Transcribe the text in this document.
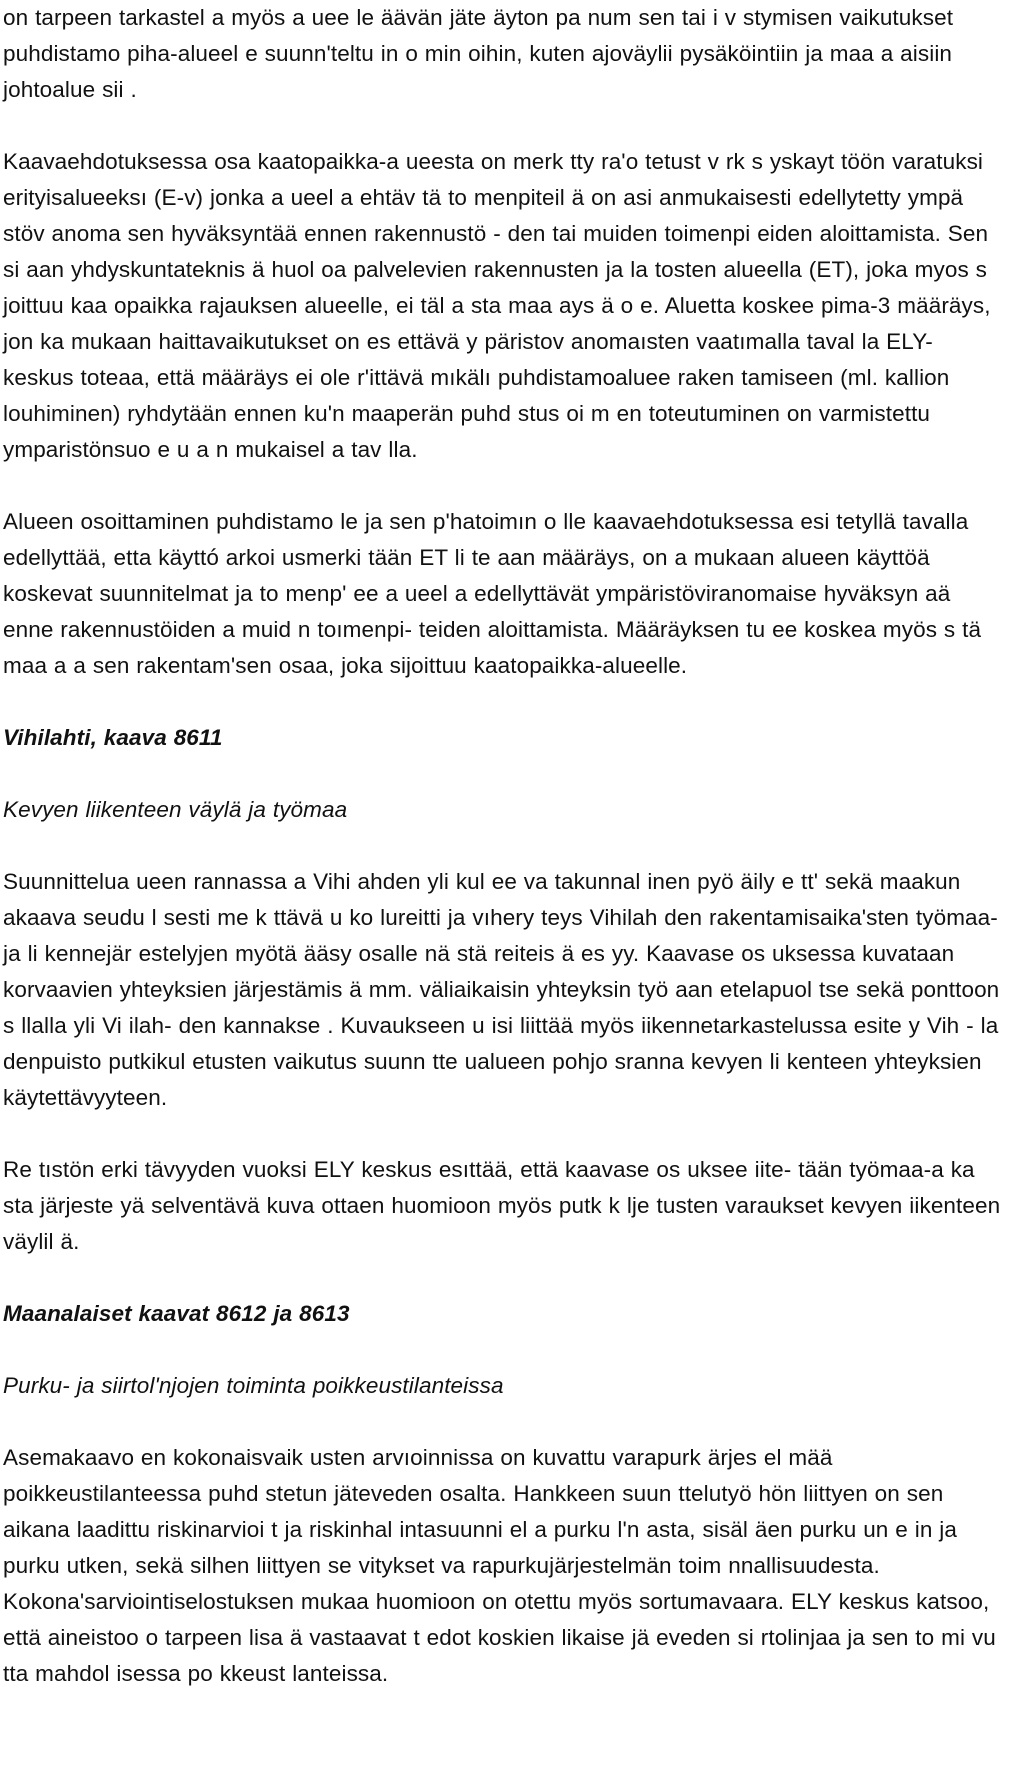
on tarpeen tarkastel a myös a uee le äävän jäte äyton pa num sen tai i v stymisen vaikutukset puhdistamo piha-alueel e suunn'teltu in o min oihin, kuten ajoväylii pysäköintiin ja maa a aisiin johtoalue sii .

Kaavaehdotuksessa osa kaatopaikka-a ueesta on merk tty ra'o tetust v rk s yskayt töön varatuksi erityisalueeksı (E-v) jonka a ueel a ehtäv tä to menpiteil ä on asi anmukaisesti edellytetty ympä stöv anoma sen hyväksyntää ennen rakennustö - den tai muiden toimenpi eiden aloittamista. Sen si aan yhdyskuntateknis ä huol oa palvelevien rakennusten ja la tosten alueella (ET), joka myos s joittuu kaa opaikka rajauksen alueelle, ei täl a sta maa ays ä o e. Aluetta koskee pima-3 määräys, jon ka mukaan haittavaikutukset on es ettävä y päristov anomaısten vaatımalla taval la ELY-keskus toteaa, että määräys ei ole r'ittävä mıkälı puhdistamoaluee raken tamiseen (ml. kallion louhiminen) ryhdytään ennen ku'n maaperän puhd stus oi m en toteutuminen on varmistettu ymparistönsuo e u a n mukaisel a tav lla.

Alueen osoittaminen puhdistamo le ja sen p'hatoimın o lle kaavaehdotuksessa esi tetyllä tavalla edellyttää, etta käyttó arkoi usmerki tään ET li te aan määräys, on a mukaan alueen käyttöä koskevat suunnitelmat ja to menp' ee a ueel a edellyttävät ympäristöviranomaise hyväksyn aä enne rakennustöiden a muid n toımenpi- teiden aloittamista. Määräyksen tu ee koskea myös s tä maa a a sen rakentam'sen osaa, joka sijoittuu kaatopaikka-alueelle.

Vihilahti, kaava 8611

Kevyen liikenteen väylä ja työmaa

Suunnittelua ueen rannassa a Vihi ahden yli kul ee va takunnal inen pyö äily e tt' sekä maakun akaava seudu l sesti me k ttävä u ko lureitti ja vıhery teys Vihilah den rakentamisaika'sten työmaa- ja li kennejär estelyjen myötä ääsy osalle nä stä reiteis ä es yy. Kaavase os uksessa kuvataan korvaavien yhteyksien järjestämis ä mm. väliaikaisin yhteyksin työ aan etelapuol tse sekä ponttoon s llalla yli Vi ilah- den kannakse . Kuvaukseen u isi liittää myös iikennetarkastelussa esite y Vih - la denpuisto putkikul etusten vaikutus suunn tte ualueen pohjo sranna kevyen li kenteen yhteyksien käytettävyyteen.

Re tıstön erki tävyyden vuoksi ELY keskus esıttää, että kaavase os uksee iite- tään työmaa-a ka sta järjeste yä selventävä kuva ottaen huomioon myös putk k lje tusten varaukset kevyen iikenteen väylil ä.

Maanalaiset kaavat 8612 ja 8613

Purku- ja siirtol'njojen toiminta poikkeustilanteissa

Asemakaavo en kokonaisvaik usten arvıoinnissa on kuvattu varapurk ärjes el mää poikkeustilanteessa puhd stetun jäteveden osalta. Hankkeen suun ttelutyö hön liittyen on sen aikana laadittu riskinarvioi t ja riskinhal intasuunni el a purku l'n asta, sisäl äen purku un e in ja purku utken, sekä silhen liittyen se vitykset va rapurkujärjestelmän toim nnallisuudesta. Kokona'sarviointiselostuksen mukaa huomioon on otettu myös sortumavaara. ELY keskus katsoo, että aineistoo o tarpeen lisa ä vastaavat t edot koskien likaise jä eveden si rtolinjaa ja sen to mi vu tta mahdol isessa po kkeust lanteissa.
